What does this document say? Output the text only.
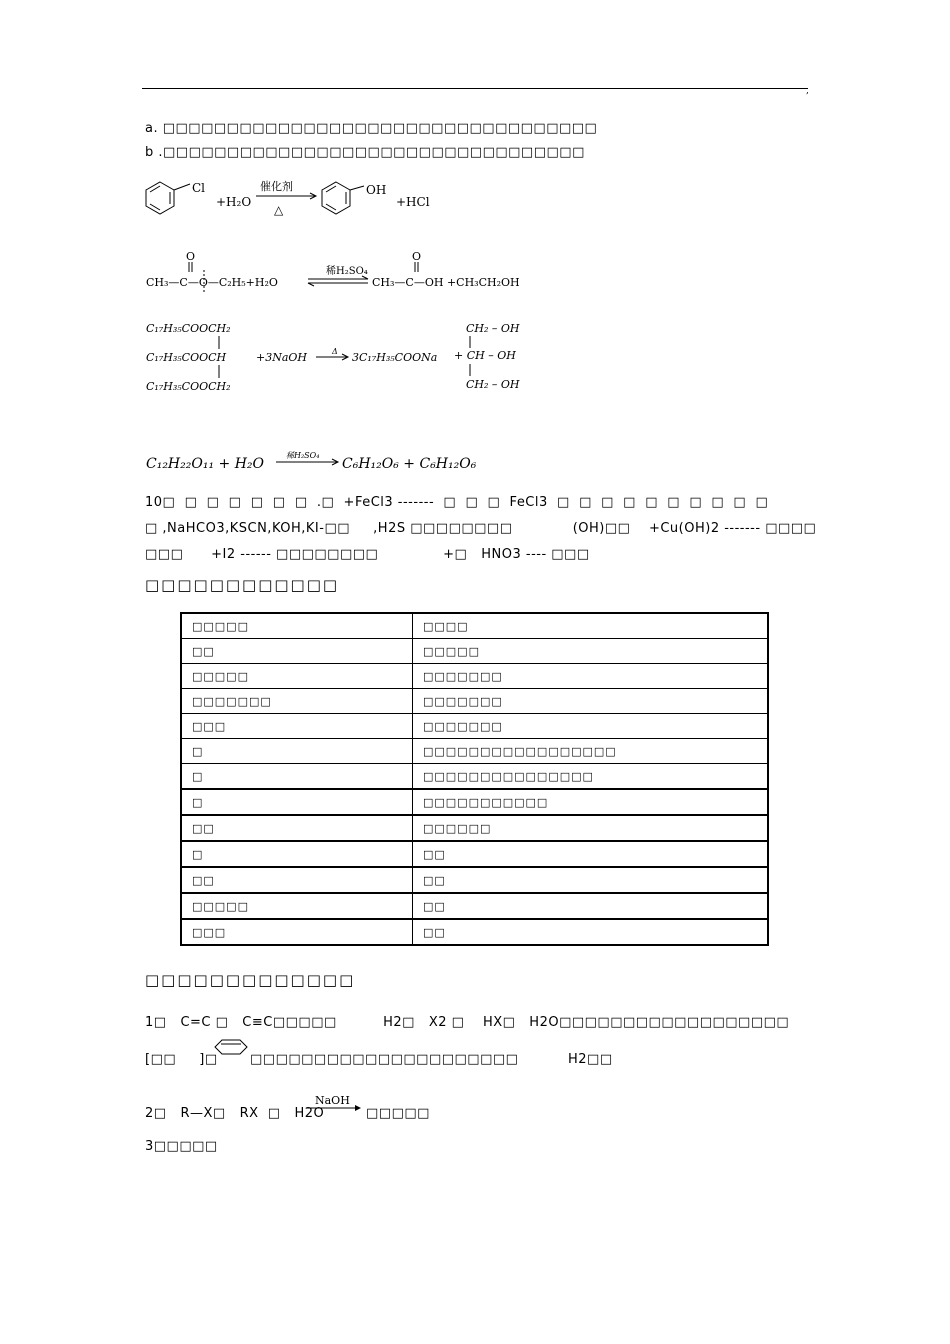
,
a. □□□□□□□□□□□□□□□□□□□□□□□□□□□□□□□□□□
b .□□□□□□□□□□□□□□□□□□□□□□□□□□□□□□□□□
Cl
+H₂O
催化剂
△
OH
+HCl
O
CH₃—C—O—C₂H₅+H₂O
稀H₂SO₄
O
CH₃—C—OH +CH₃CH₂OH
C₁₇H₃₅COOCH₂
C₁₇H₃₅COOCH
C₁₇H₃₅COOCH₂
+3NaOH	Δ 3C₁₇H₃₅COONa
CH₂ – OH
+ CH – OH
CH₂ – OH
C₁₂H₂₂O₁₁ + H₂O
稀H₂SO₄
C₆H₁₂O₆ + C₆H₁₂O₆
10□  □  □  □  □  □  □  .□  +FeCl3 -------  □  □  □  FeCl3  □  □  □  □  □  □  □  □  □  □
□ ,NaHCO3,KSCN,KOH,KI-□□     ,H2S □□□□□□□□             (OH)□□    +Cu(OH)2 ------- □□□□
□□□      +I2 ------ □□□□□□□□              +□   HNO3 ---- □□□
□□□□□□□□□□□□
□□□□□	□□□□
□□	□□□□□
□□□□□	□□□□□□□
□□□□□□□	□□□□□□□
□□□	□□□□□□□
□	□□□□□□□□□□□□□□□□□
□	□□□□□□□□□□□□□□□
□	□□□□□□□□□□□
□□	□□□□□□
□	□□
□□	□□
□□□□□	□□
□□□	□□
□□□□□□□□□□□□□
1□   C=C □   C≡C□□□□□          H2□   X2 □    HX□   H2O□□□□□□□□□□□□□□□□□□
[□□     ]□ □□□□□□□□□□□□□□□□□□□□□	H2□□
2□   R—X□   RX  □   H2O
NaOH
□□□□□
3□□□□□
